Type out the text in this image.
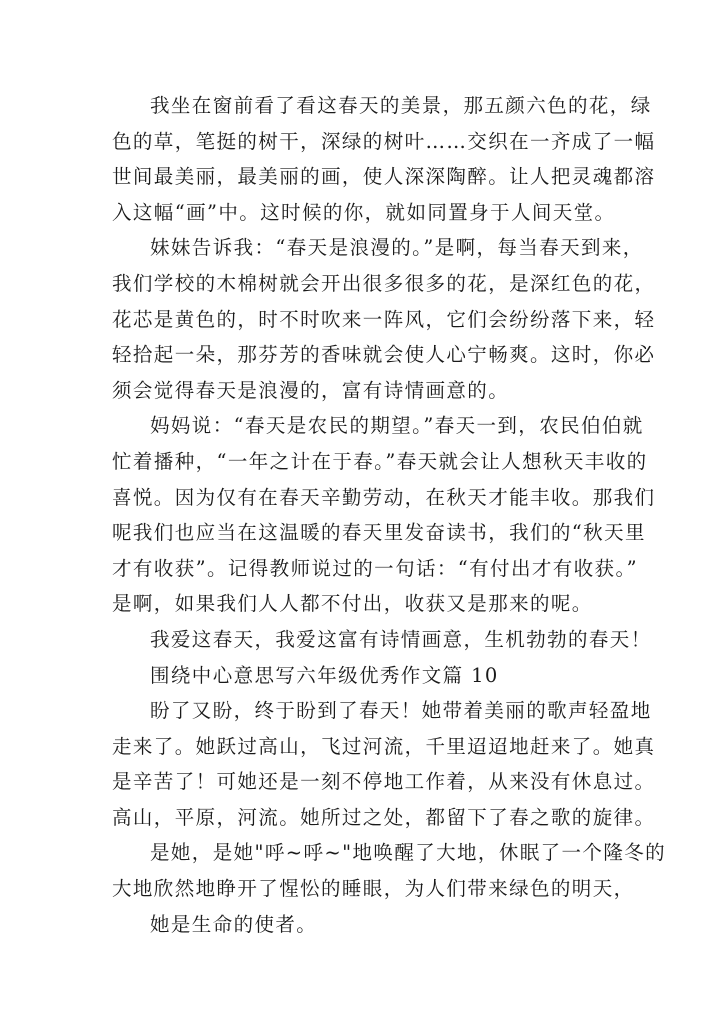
我坐在窗前看了看这春天的美景，那五颜六色的花，绿
色的草，笔挺的树干，深绿的树叶……交织在一齐成了一幅
世间最美丽，最美丽的画，使人深深陶醉。让人把灵魂都溶
入这幅“画”中。这时候的你，就如同置身于人间天堂。
妹妹告诉我：“春天是浪漫的。”是啊，每当春天到来，
我们学校的木棉树就会开出很多很多的花，是深红色的花，
花芯是黄色的，时不时吹来一阵风，它们会纷纷落下来，轻
轻拾起一朵，那芬芳的香味就会使人心宁畅爽。这时，你必
须会觉得春天是浪漫的，富有诗情画意的。
妈妈说：“春天是农民的期望。”春天一到，农民伯伯就
忙着播种，“一年之计在于春。”春天就会让人想秋天丰收的
喜悦。因为仅有在春天辛勤劳动，在秋天才能丰收。那我们
呢我们也应当在这温暖的春天里发奋读书，我们的“秋天里
才有收获”。记得教师说过的一句话：“有付出才有收获。”
是啊，如果我们人人都不付出，收获又是那来的呢。
我爱这春天，我爱这富有诗情画意，生机勃勃的春天！
围绕中心意思写六年级优秀作文篇 10
盼了又盼，终于盼到了春天！她带着美丽的歌声轻盈地
走来了。她跃过高山，飞过河流，千里迢迢地赶来了。她真
是辛苦了！可她还是一刻不停地工作着，从来没有休息过。
高山，平原，河流。她所过之处，都留下了春之歌的旋律。
是她，是她"呼~呼~"地唤醒了大地，休眠了一个隆冬的
大地欣然地睁开了惺忪的睡眼，为人们带来绿色的明天，
她是生命的使者。
